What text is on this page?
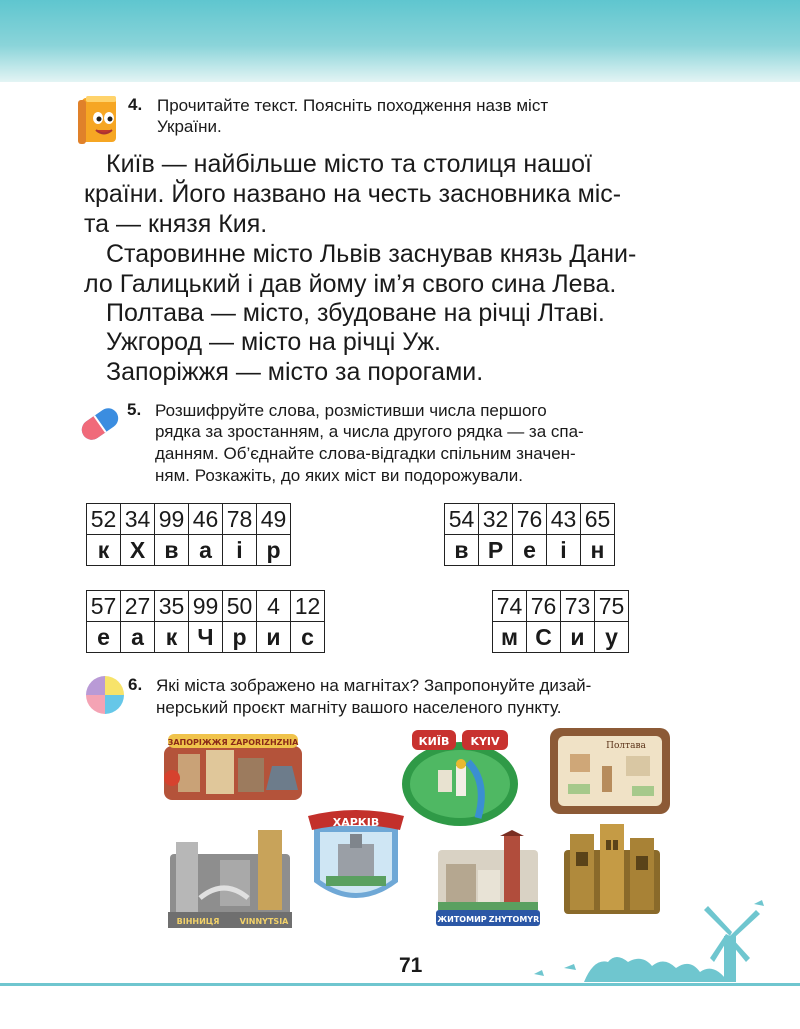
4. Прочитайте текст. Поясніть походження назв міст
України.
Київ — найбільше місто та столиця нашої
країни. Його названо на честь засновника міс-
та — князя Кия.
Старовинне місто Львів заснував князь Дани-
ло Галицький і дав йому ім’я свого сина Лева.
Полтава — місто, збудоване на річці Лтаві.
Ужгород — місто на річці Уж.
Запоріжжя — місто за порогами.
5. Розшифруйте слова, розмістивши числа першого
рядка за зростанням, а числа другого рядка — за спа-
данням. Об’єднайте слова-відгадки спільним значен-
ням. Розкажіть, до яких міст ви подорожували.
52	34	99	46	78	49
к	Х	в	а	і	р
54	32	76	43	65
в	Р	е	і	н
57	27	35	99	50	4	12
е	а	к	Ч	р	и	с
74	76	73	75
м	С	и	у
6. Які міста зображено на магнітах? Запропонуйте дизай-
нерський проєкт магніту вашого населеного пункту.
ЗАПОРІЖЖЯ ZAPORIZHZHIA	КИЇВ KYIV	Полтава
ВІННИЦЯ	VINNYTSIA
ХАРКІВ
ЖИТОМИР ZHYTOMYR
71
